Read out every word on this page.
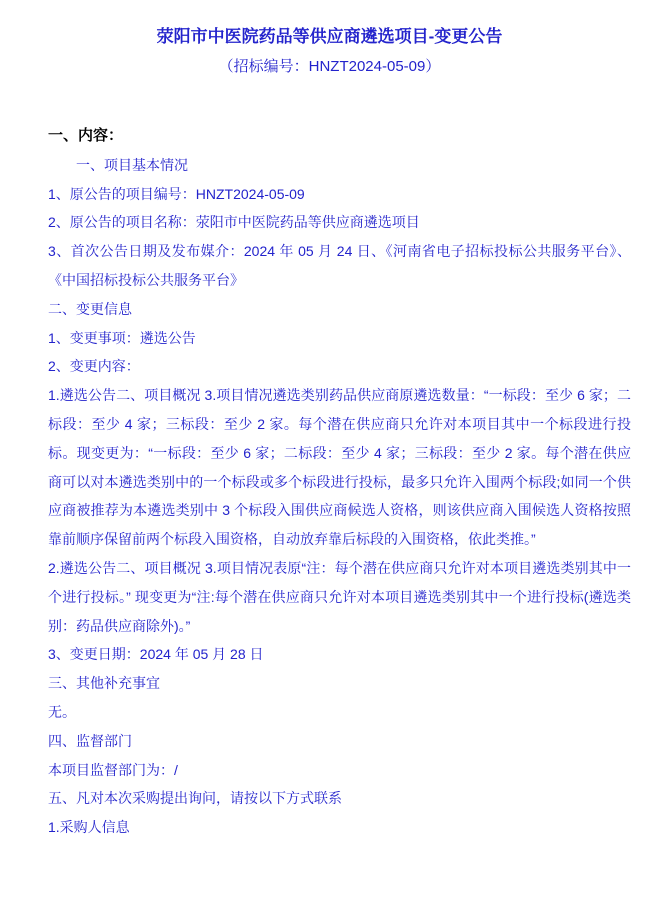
荥阳市中医院药品等供应商遴选项目-变更公告
（招标编号：HNZT2024-05-09）

一、内容：

一、项目基本情况

1、原公告的项目编号：HNZT2024-05-09

2、原公告的项目名称：荥阳市中医院药品等供应商遴选项目

3、首次公告日期及发布媒介：2024 年 05 月 24 日、《河南省电子招标投标公共服务平台》、《中国招标投标公共服务平台》

二、变更信息

1、变更事项：遴选公告

2、变更内容：

1.遴选公告二、项目概况 3.项目情况遴选类别药品供应商原遴选数量：“一标段：至少 6 家；二标段：至少 4 家；三标段：至少 2 家。每个潜在供应商只允许对本项目其中一个标段进行投标。现变更为：“一标段：至少 6 家；二标段：至少 4 家；三标段：至少 2 家。每个潜在供应商可以对本遴选类别中的一个标段或多个标段进行投标，最多只允许入围两个标段;如同一个供应商被推荐为本遴选类别中 3 个标段入围供应商候选人资格，则该供应商入围候选人资格按照靠前顺序保留前两个标段入围资格，自动放弃靠后标段的入围资格，依此类推。”

2.遴选公告二、项目概况 3.项目情况表原“注：每个潜在供应商只允许对本项目遴选类别其中一个进行投标。” 现变更为“注:每个潜在供应商只允许对本项目遴选类别其中一个进行投标(遴选类别：药品供应商除外)。”

3、变更日期：2024 年 05 月 28 日

三、其他补充事宜

无。

四、监督部门

本项目监督部门为：/

五、凡对本次采购提出询问，请按以下方式联系

1.采购人信息
